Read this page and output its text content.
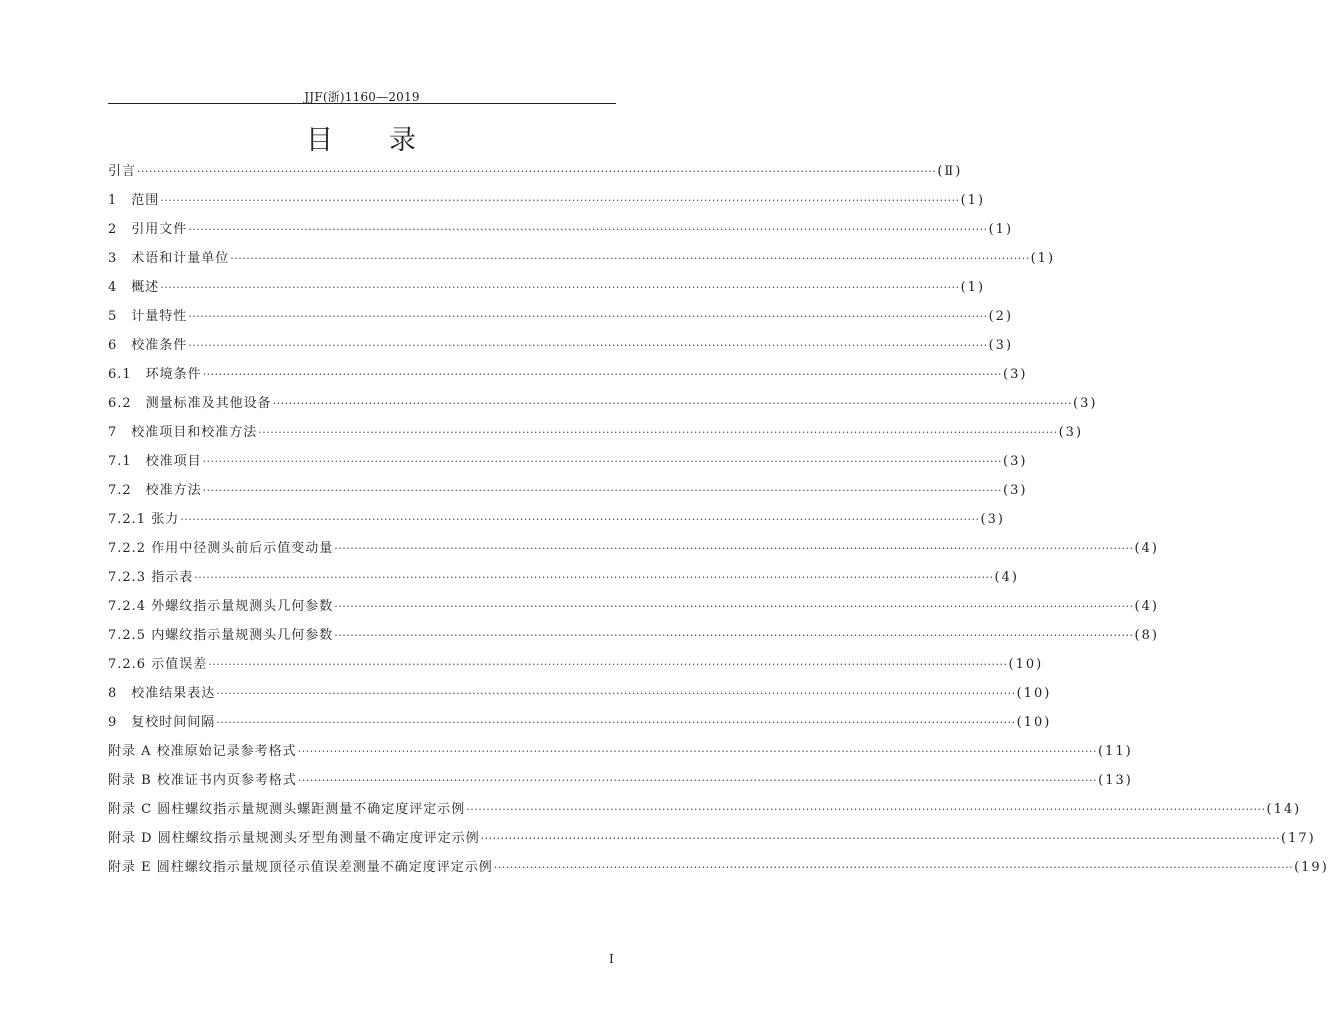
JJF(浙)1160—2019
目 录
引言 ········································································································································································································ (Ⅱ)
1　范围 ········································································································································································································ (1)
2　引用文件 ········································································································································································································ (1)
3　术语和计量单位 ········································································································································································································ (1)
4　概述 ········································································································································································································ (1)
5　计量特性 ········································································································································································································ (2)
6　校准条件 ········································································································································································································ (3)
6.1　环境条件 ········································································································································································································ (3)
6.2　测量标准及其他设备 ········································································································································································································ (3)
7　校准项目和校准方法 ········································································································································································································ (3)
7.1　校准项目 ········································································································································································································ (3)
7.2　校准方法 ········································································································································································································ (3)
7.2.1 张力 ········································································································································································································ (3)
7.2.2 作用中径测头前后示值变动量 ········································································································································································································ (4)
7.2.3 指示表 ········································································································································································································ (4)
7.2.4 外螺纹指示量规测头几何参数 ········································································································································································································ (4)
7.2.5 内螺纹指示量规测头几何参数 ········································································································································································································ (8)
7.2.6 示值误差 ········································································································································································································ (10)
8　校准结果表达 ········································································································································································································ (10)
9　复校时间间隔 ········································································································································································································ (10)
附录 A 校准原始记录参考格式 ········································································································································································································ (11)
附录 B 校准证书内页参考格式 ········································································································································································································ (13)
附录 C 圆柱螺纹指示量规测头螺距测量不确定度评定示例 ········································································································································································································ (14)
附录 D 圆柱螺纹指示量规测头牙型角测量不确定度评定示例 ········································································································································································································ (17)
附录 E 圆柱螺纹指示量规顶径示值误差测量不确定度评定示例 ········································································································································································································ (19)
I
